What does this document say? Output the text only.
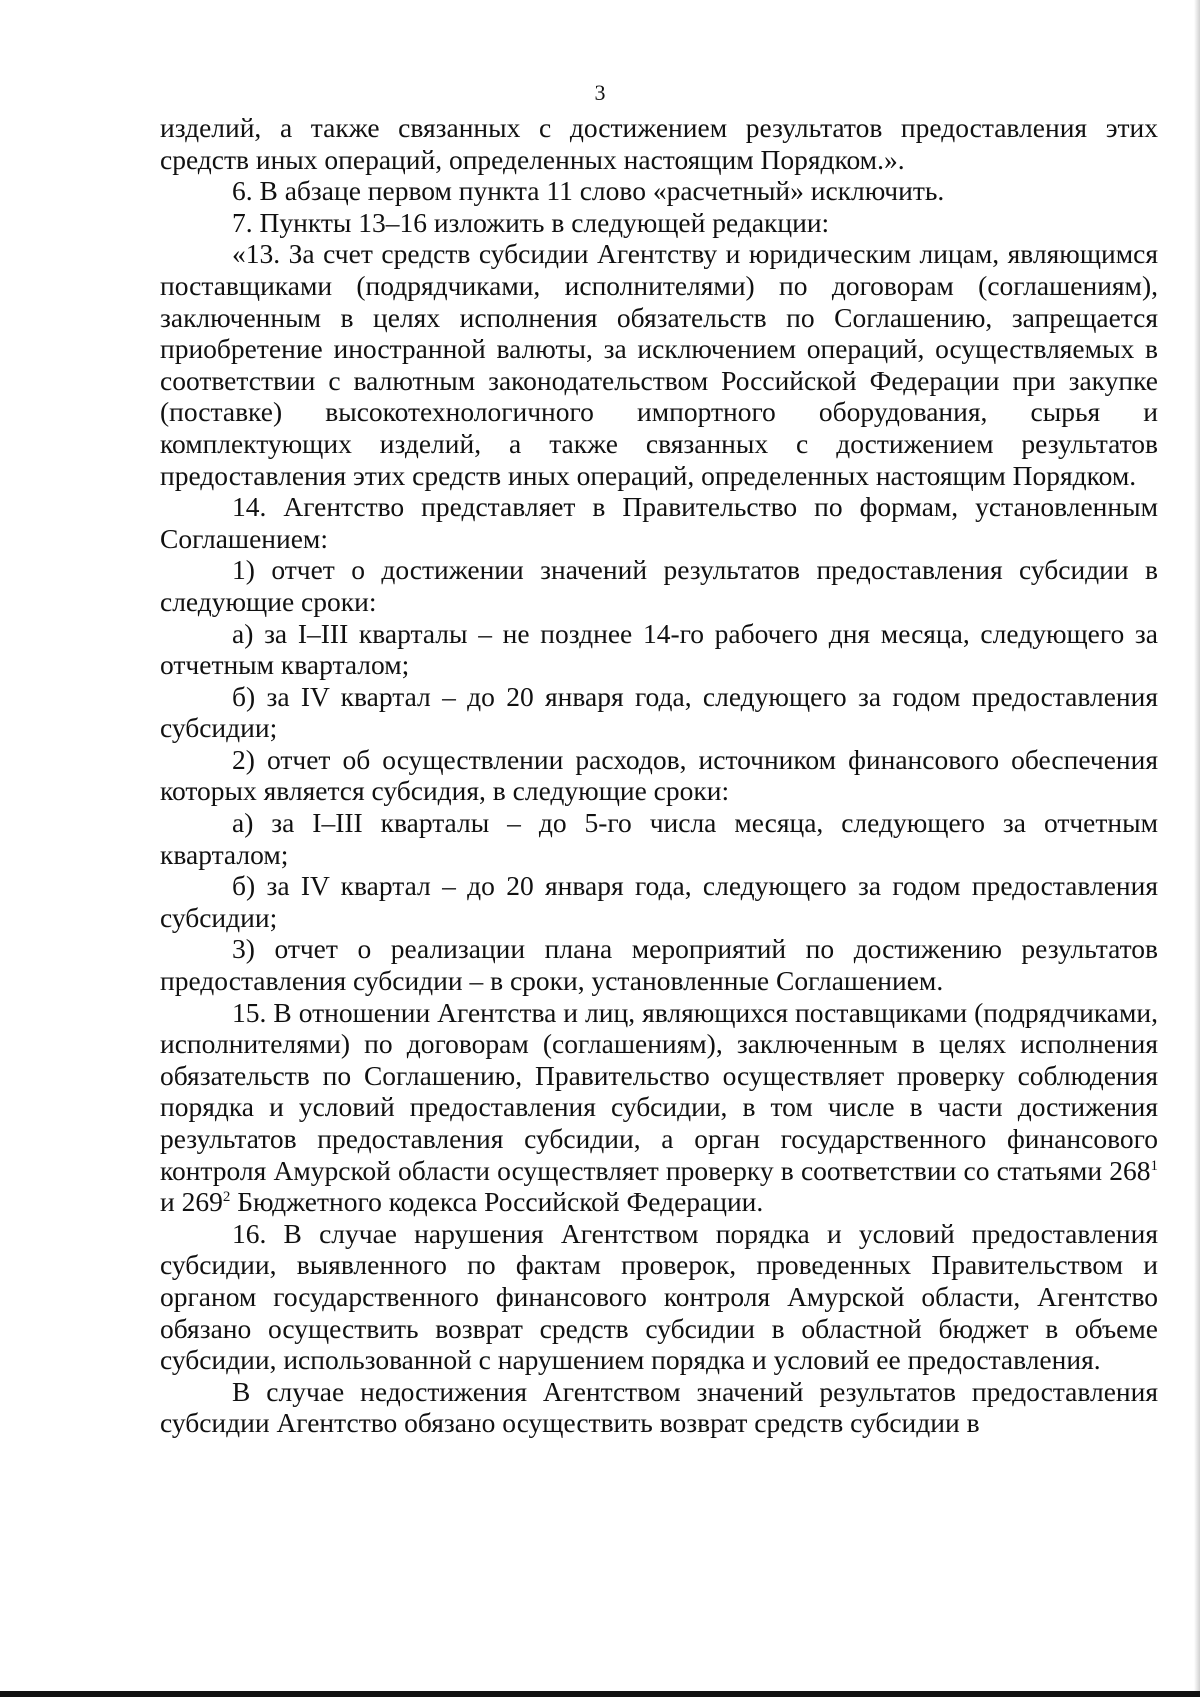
3

изделий, а также связанных с достижением результатов предоставления этих средств иных операций, определенных настоящим Порядком.».

6. В абзаце первом пункта 11 слово «расчетный» исключить.

7. Пункты 13–16 изложить в следующей редакции:

«13. За счет средств субсидии Агентству и юридическим лицам, являющимся поставщиками (подрядчиками, исполнителями) по договорам (соглашениям), заключенным в целях исполнения обязательств по Соглашению, запрещается приобретение иностранной валюты, за исключением операций, осуществляемых в соответствии с валютным законодательством Российской Федерации при закупке (поставке) высокотехнологичного импортного оборудования, сырья и комплектующих изделий, а также связанных с достижением результатов предоставления этих средств иных операций, определенных настоящим Порядком.

14. Агентство представляет в Правительство по формам, установленным Соглашением:

1) отчет о достижении значений результатов предоставления субсидии в следующие сроки:

а) за I–III кварталы – не позднее 14-го рабочего дня месяца, следующего за отчетным кварталом;

б) за IV квартал – до 20 января года, следующего за годом предоставления субсидии;

2) отчет об осуществлении расходов, источником финансового обеспечения которых является субсидия, в следующие сроки:

а) за I–III кварталы – до 5-го числа месяца, следующего за отчетным кварталом;

б) за IV квартал – до 20 января года, следующего за годом предоставления субсидии;

3) отчет о реализации плана мероприятий по достижению результатов предоставления субсидии – в сроки, установленные Соглашением.

15. В отношении Агентства и лиц, являющихся поставщиками (подрядчиками, исполнителями) по договорам (соглашениям), заключенным в целях исполнения обязательств по Соглашению, Правительство осуществляет проверку соблюдения порядка и условий предоставления субсидии, в том числе в части достижения результатов предоставления субсидии, а орган государственного финансового контроля Амурской области осуществляет проверку в соответствии со статьями $268^1$ и $269^2$ Бюджетного кодекса Российской Федерации.

16. В случае нарушения Агентством порядка и условий предоставления субсидии, выявленного по фактам проверок, проведенных Правительством и органом государственного финансового контроля Амурской области, Агентство обязано осуществить возврат средств субсидии в областной бюджет в объеме субсидии, использованной с нарушением порядка и условий ее предоставления.

В случае недостижения Агентством значений результатов предоставления субсидии Агентство обязано осуществить возврат средств субсидии в
